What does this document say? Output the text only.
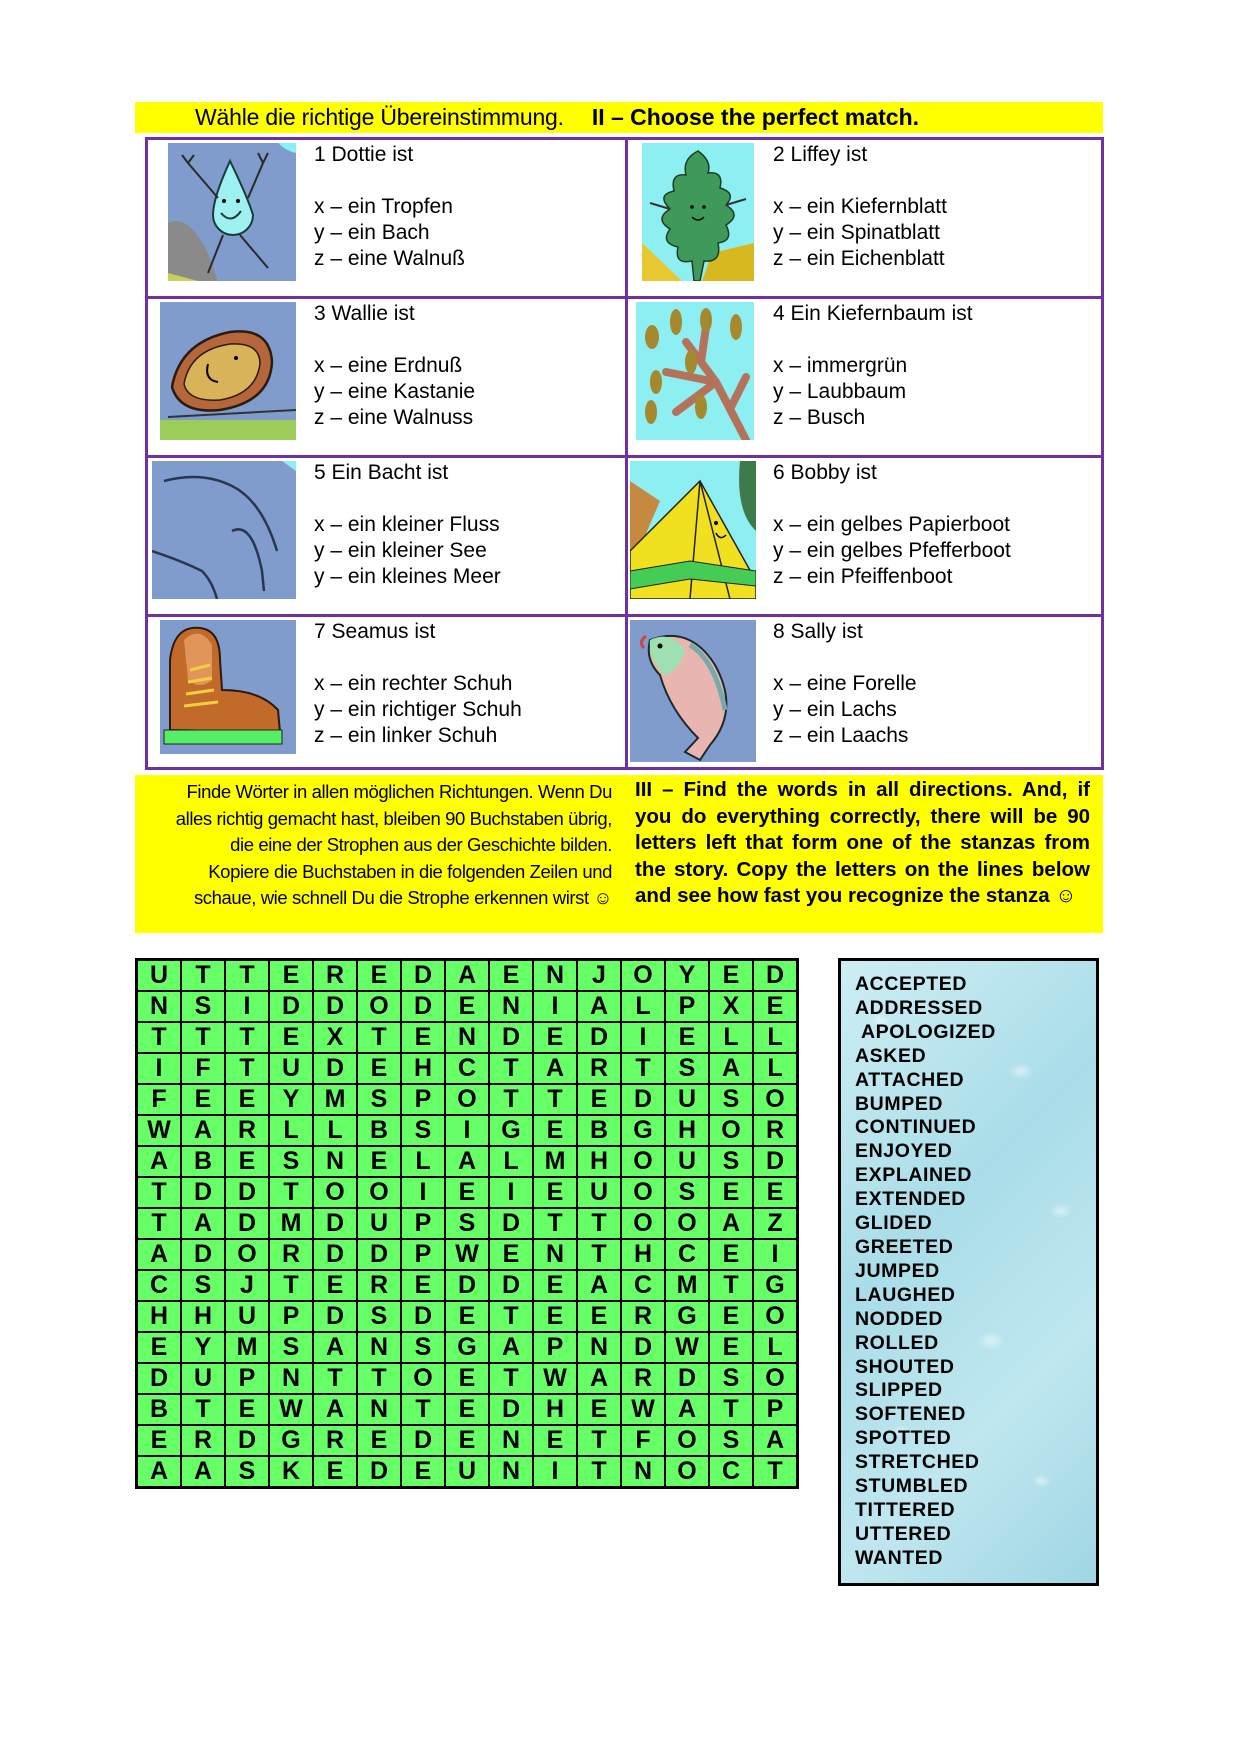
Wähle die richtige Übereinstimmung. II – Choose the perfect match.
1 Dottie ist
x – ein Tropfen
y – ein Bach
z – eine Walnuß
2 Liffey ist
x – ein Kiefernblatt
y – ein Spinatblatt
z – ein Eichenblatt
3 Wallie ist
x – eine Erdnuß
y – eine Kastanie
z – eine Walnuss
4 Ein Kiefernbaum ist
x – immergrün
y – Laubbaum
z – Busch
5 Ein Bacht ist
x – ein kleiner Fluss
y – ein kleiner See
y – ein kleines Meer
6 Bobby ist
x – ein gelbes Papierboot
y – ein gelbes Pfefferboot
z – ein Pfeiffenboot
7 Seamus ist
x – ein rechter Schuh
y – ein richtiger Schuh
z – ein linker Schuh
8 Sally ist
x – eine Forelle
y – ein Lachs
z – ein Laachs
Finde Wörter in allen möglichen Richtungen. Wenn Du alles richtig gemacht hast, bleiben 90 Buchstaben übrig, die eine der Strophen aus der Geschichte bilden. Kopiere die Buchstaben in die folgenden Zeilen und schaue, wie schnell Du die Strophe erkennen wirst ☺
III – Find the words in all directions. And, if you do everything correctly, there will be 90 letters left that form one of the stanzas from the story. Copy the letters on the lines below and see how fast you recognize the stanza ☺
U	T	T	E	R	E	D	A	E	N	J	O	Y	E	D
N	S	I	D	D	O	D	E	N	I	A	L	P	X	E
T	T	T	E	X	T	E	N	D	E	D	I	E	L	L
I	F	T	U	D	E	H	C	T	A	R	T	S	A	L
F	E	E	Y	M	S	P	O	T	T	E	D	U	S	O
W	A	R	L	L	B	S	I	G	E	B	G	H	O	R
A	B	E	S	N	E	L	A	L	M	H	O	U	S	D
T	D	D	T	O	O	I	E	I	E	U	O	S	E	E
T	A	D	M	D	U	P	S	D	T	T	O	O	A	Z
A	D	O	R	D	D	P	W	E	N	T	H	C	E	I
C	S	J	T	E	R	E	D	D	E	A	C	M	T	G
H	H	U	P	D	S	D	E	T	E	E	R	G	E	O
E	Y	M	S	A	N	S	G	A	P	N	D	W	E	L
D	U	P	N	T	T	O	E	T	W	A	R	D	S	O
B	T	E	W	A	N	T	E	D	H	E	W	A	T	P
E	R	D	G	R	E	D	E	N	E	T	F	O	S	A
A	A	S	K	E	D	E	U	N	I	T	N	O	C	T
ACCEPTED
ADDRESSED
APOLOGIZED
ASKED
ATTACHED
BUMPED
CONTINUED
ENJOYED
EXPLAINED
EXTENDED
GLIDED
GREETED
JUMPED
LAUGHED
NODDED
ROLLED
SHOUTED
SLIPPED
SOFTENED
SPOTTED
STRETCHED
STUMBLED
TITTERED
UTTERED
WANTED
